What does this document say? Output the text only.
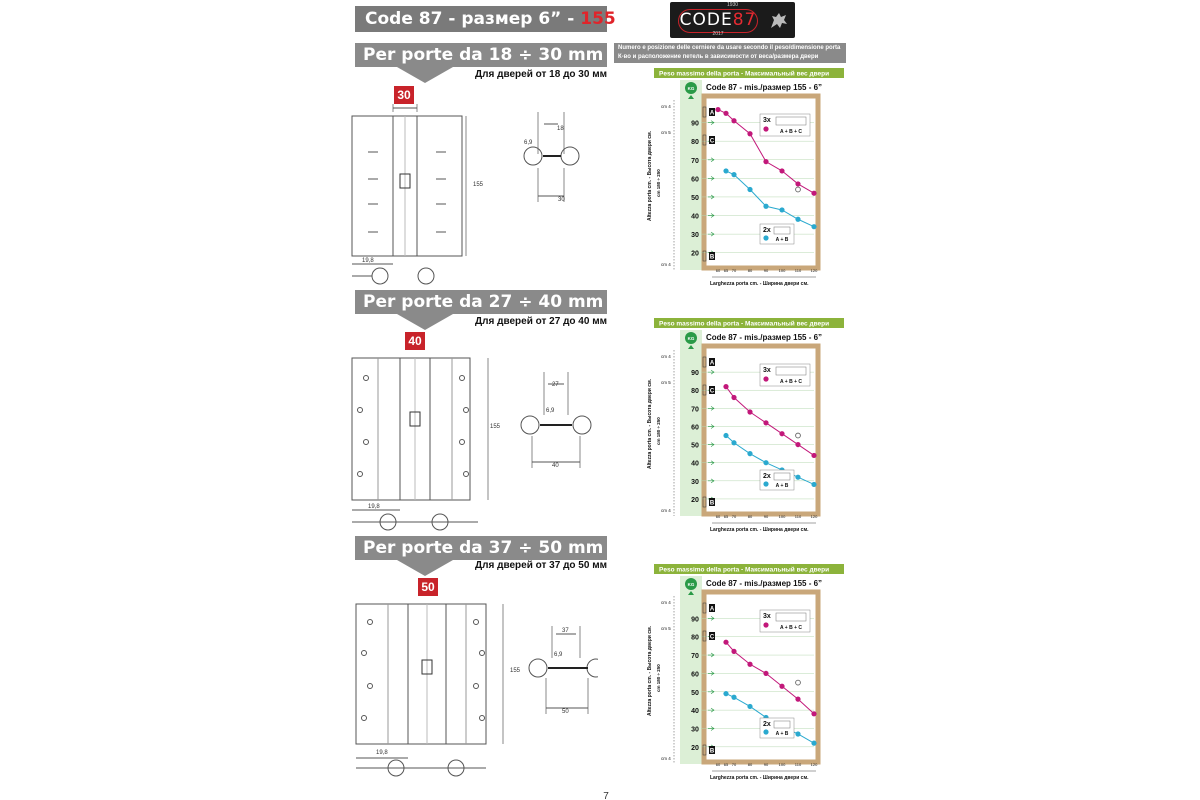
Code 87 - размер 6” - 155 mm
1930
CODE87
2017
Numero e posizione delle cerniere da usare secondo il peso/dimensione porta
К-во и расположение петель в зависимости от веса/размера двери
Per porte da 18 ÷ 30 mm
Для дверей от 18 до 30 мм
30
Per porte da 27 ÷ 40 mm
Для дверей от 27 до 40 мм
40
Per porte da 37 ÷ 50 mm
Для дверей от 37 до 50 мм
50
155
19,8
18
6,9
30
155
19,8
27
6,9
40
155
19,8
37
6,9
50
Peso massimo della porta - Максимальный вес двери
Code 87 - mis./размер 155 - 6”
KG
20
30
40
50
60
70
80
90
A
C
B
cm 4
cm 5
cm 4
Altezza porta cm. - Высота двери см. cm 180 ÷ 250
60 65 70	80	90	100 110 120
Larghezza porta cm. - Ширина двери см.
3x
A + B + C
2x
A + B
Peso massimo della porta - Максимальный вес двери
Code 87 - mis./размер 155 - 6”
KG
20
30
40
50
60
70
80
90
A
C
B
cm 4
cm 5
cm 4
Altezza porta cm. - Высота двери см. cm 180 ÷ 250
60 65 70	80	90	100 110 120
Larghezza porta cm. - Ширина двери см.
3x
A + B + C
2x
A + B
Peso massimo della porta - Максимальный вес двери
Code 87 - mis./размер 155 - 6”
KG
20
30
40
50
60
70
80
90
A
C
B
cm 4
cm 5
cm 4
Altezza porta cm. - Высота двери см. cm 180 ÷ 250
60 65 70	80	90	100 110 120
Larghezza porta cm. - Ширина двери см.
3x
A + B + C
2x
A + B
7
